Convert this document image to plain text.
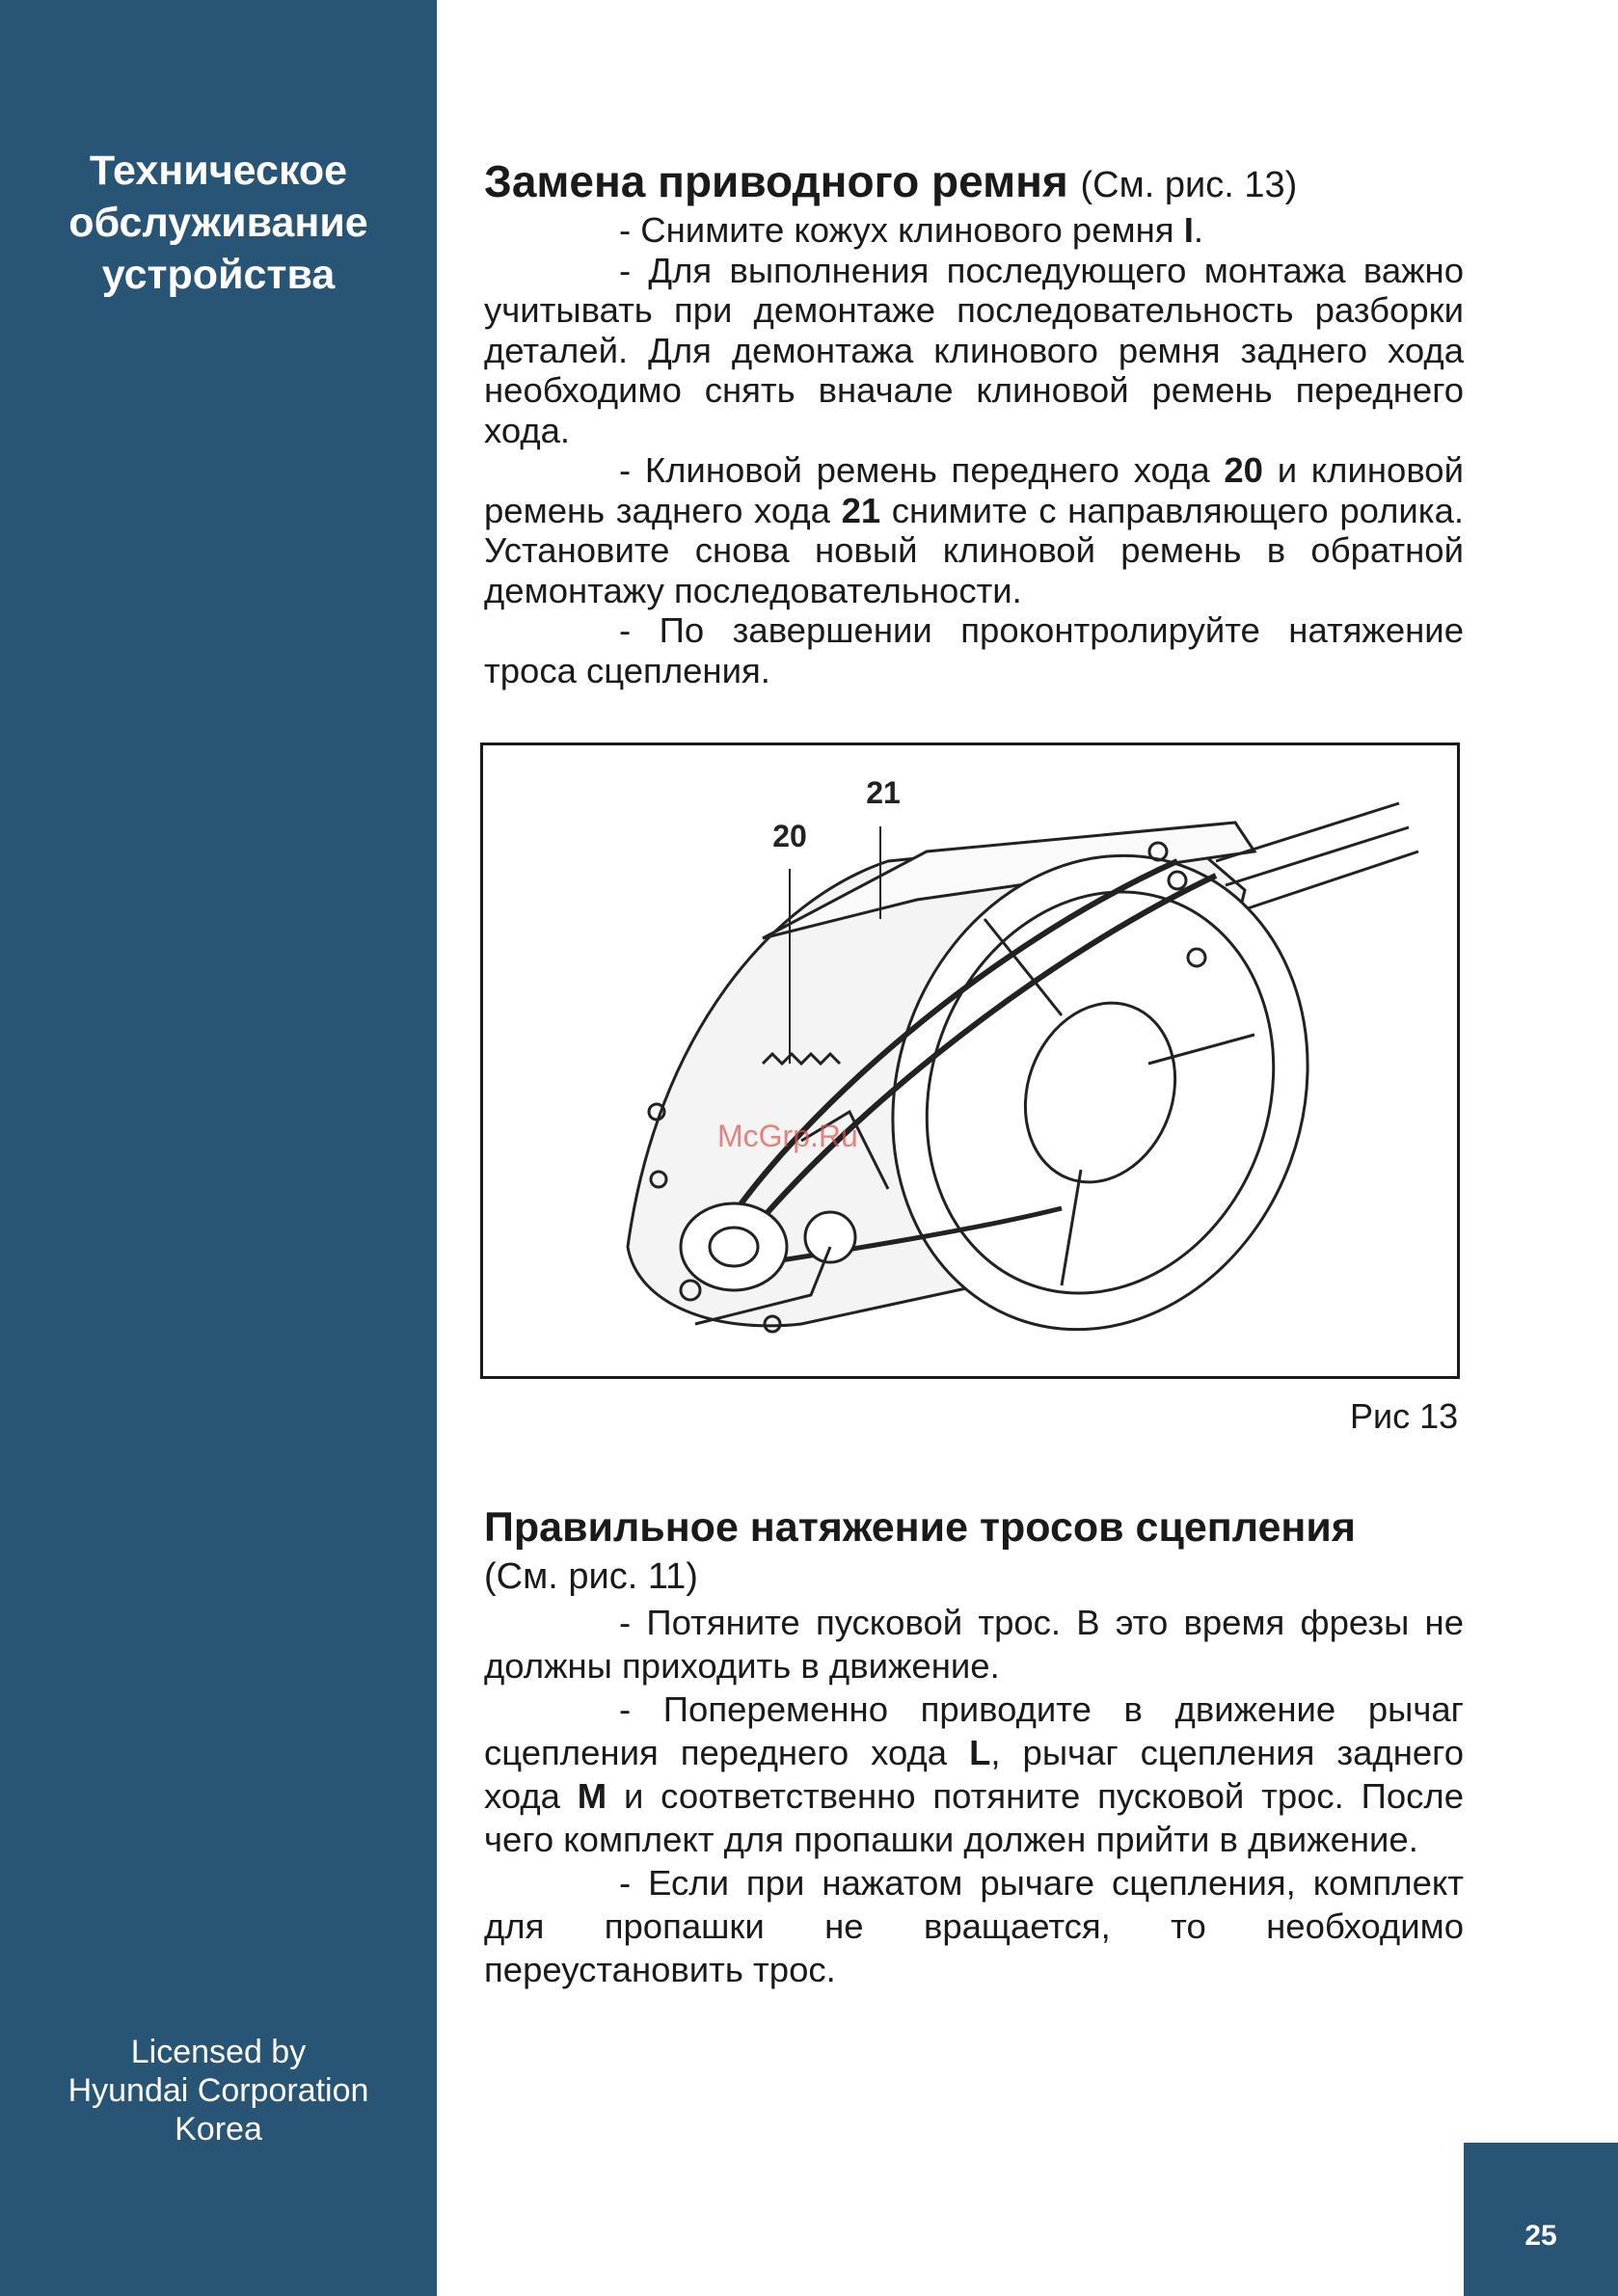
Техническое
обслуживание
устройства
Licensed by
Hyundai Corporation
Korea
Замена приводного ремня (См. рис. 13)

- Снимите кожух клинового ремня I.

- Для выполнения последующего монтажа важно учитывать при демонтаже последовательность разборки деталей. Для демонтажа клинового ремня заднего хода необходимо снять вначале клиновой ремень переднего хода.

- Клиновой ремень переднего хода 20 и клиновой ремень заднего хода 21 снимите с направляющего ролика. Установите снова новый клиновой ремень в обратной демонтажу последовательности.

- По завершении проконтролируйте натяжение троса сцепления.

20
21
McGrp.Ru
Рис 13
Правильное натяжение тросов сцепления
(См. рис. 11)

- Потяните пусковой трос. В это время фрезы не должны приходить в движение.

- Попеременно приводите в движение рычаг сцепления переднего хода L, рычаг сцепления заднего хода M и соответственно потяните пусковой трос. После чего комплект для пропашки должен прийти в движение.

- Если при нажатом рычаге сцепления, комплект для пропашки не вращается, то необходимо переустановить трос.

25
